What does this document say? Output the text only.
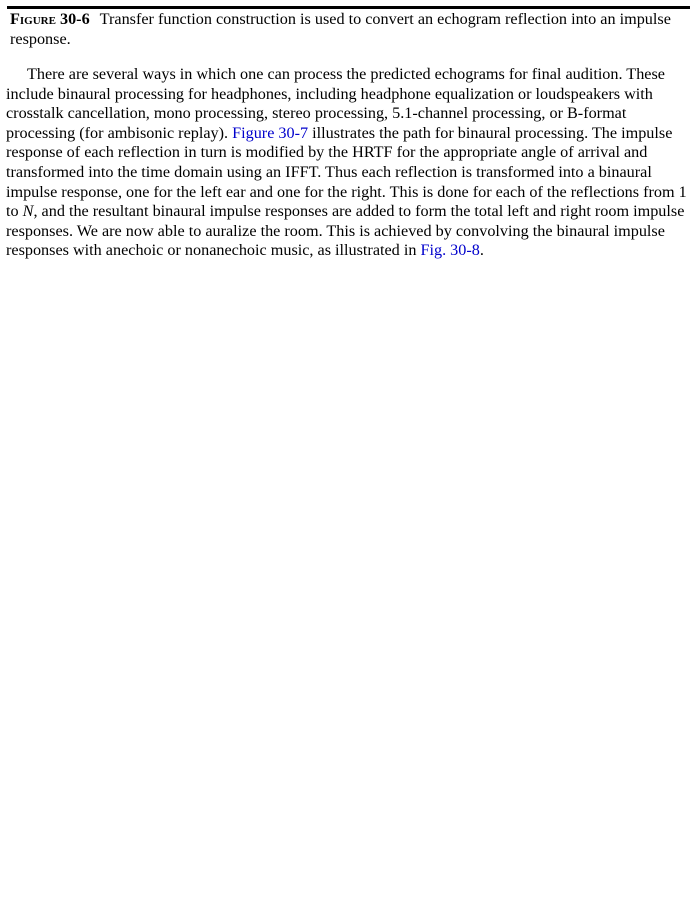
Figure 30-6 Transfer function construction is used to convert an echogram reflection into an impulse response.

There are several ways in which one can process the predicted echograms for final audition. These include binaural processing for headphones, including headphone equalization or loudspeakers with crosstalk cancellation, mono processing, stereo processing, 5.1-channel processing, or B-format processing (for ambisonic replay). Figure 30-7 illustrates the path for binaural processing. The impulse response of each reflection in turn is modified by the HRTF for the appropriate angle of arrival and transformed into the time domain using an IFFT. Thus each reflection is transformed into a binaural impulse response, one for the left ear and one for the right. This is done for each of the reflections from 1 to N, and the resultant binaural impulse responses are added to form the total left and right room impulse responses. We are now able to auralize the room. This is achieved by convolving the binaural impulse responses with anechoic or nonanechoic music, as illustrated in Fig. 30-8.
